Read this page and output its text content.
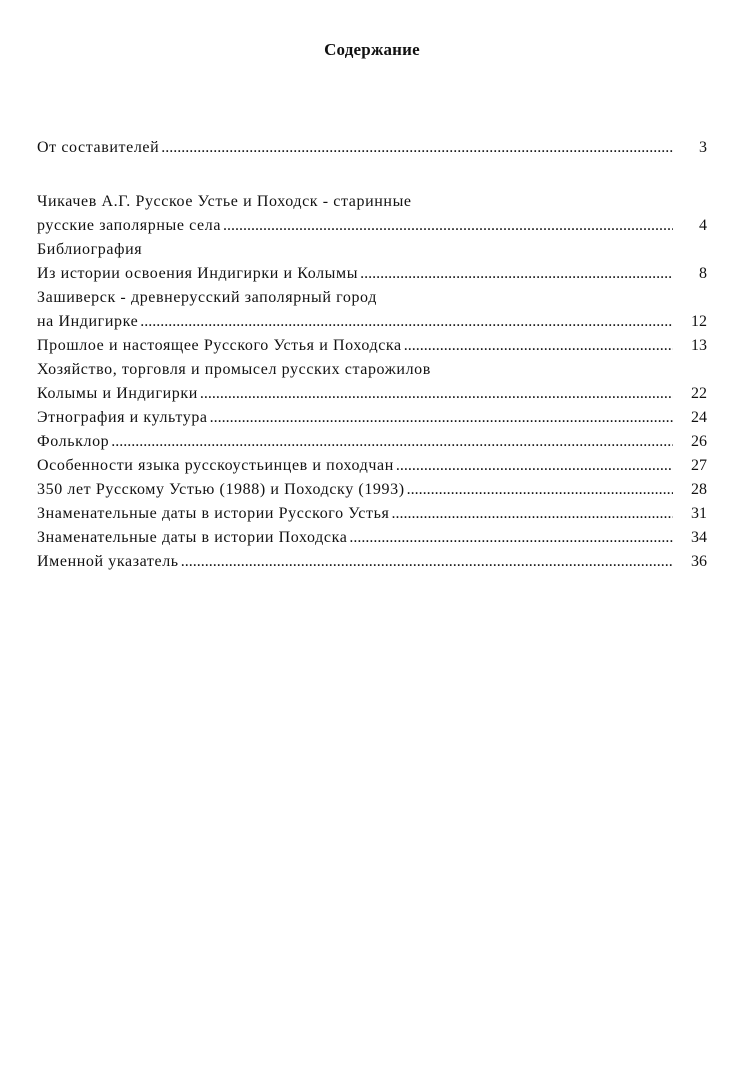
Содержание
От составителей .....	3
Чикачев А.Г. Русское Устье и Походск - старинные
русские заполярные села .....	4
Библиография
Из истории освоения Индигирки и Колымы .....	8
Зашиверск - древнерусский заполярный город
на Индигирке .....	12
Прошлое и настоящее Русского Устья и Походска .....	13
Хозяйство, торговля и промысел русских старожилов
Колымы и Индигирки .....	22
Этнография и культура .....	24
Фольклор .....	26
Особенности языка русскоустьинцев и походчан .....	27
350 лет Русскому Устью (1988) и Походску (1993) .....	28
Знаменательные даты в истории Русского Устья .....	31
Знаменательные даты в истории Походска .....	34
Именной указатель .....	36
